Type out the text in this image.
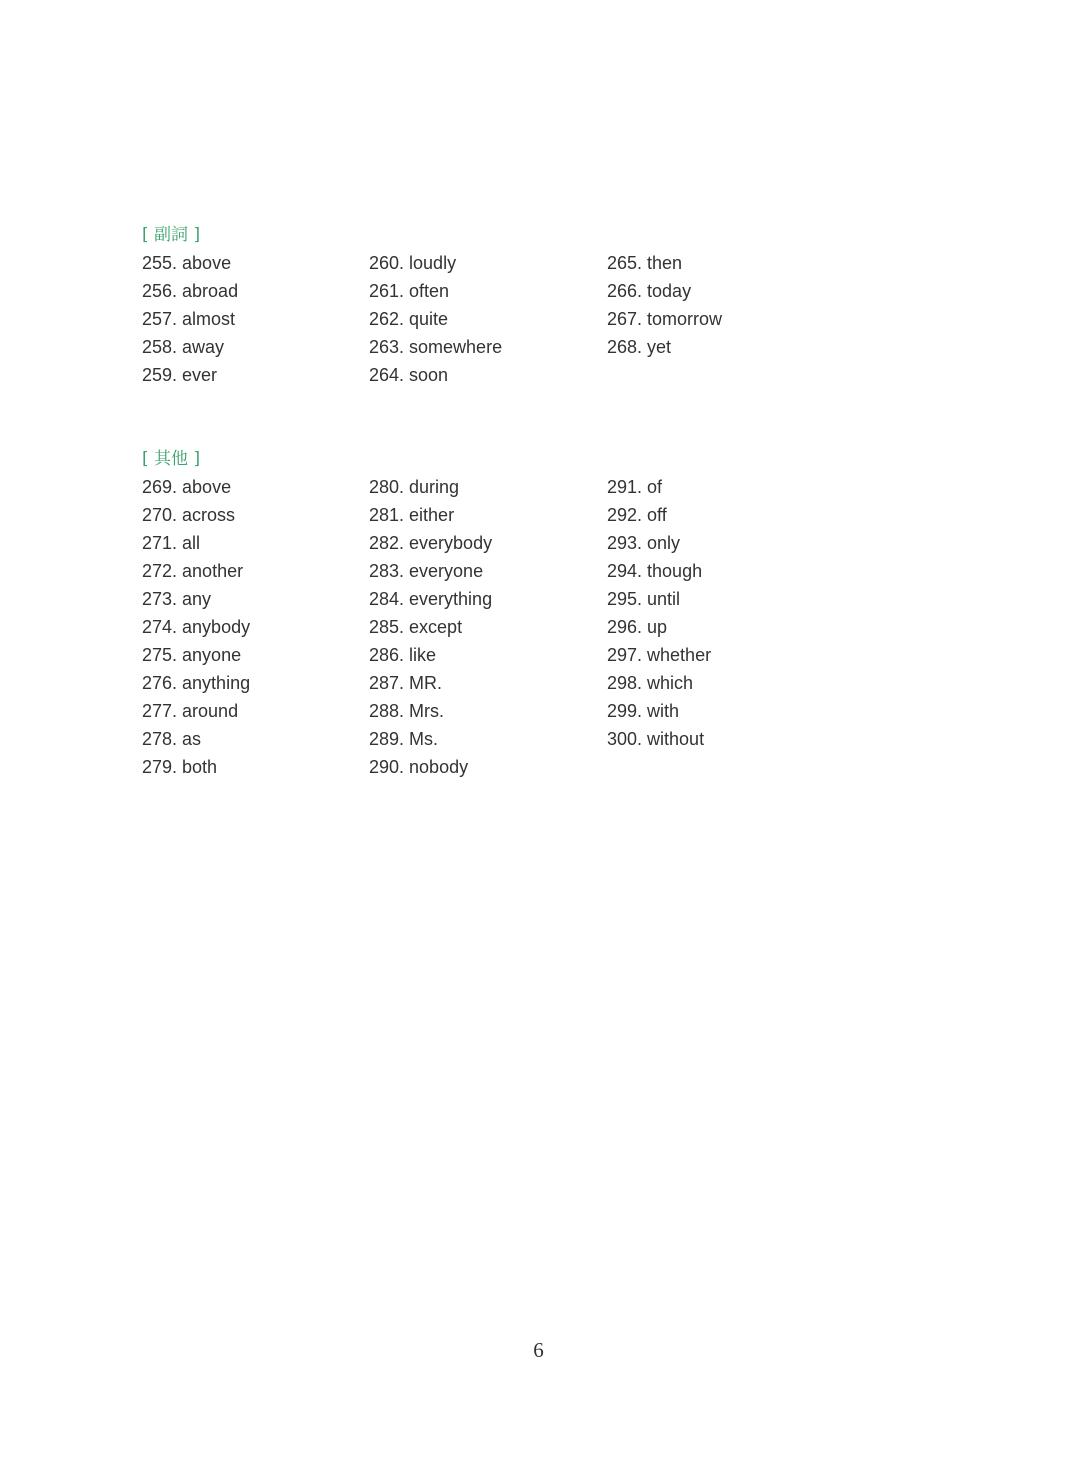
[ 副詞 ]
255. above
256. abroad
257. almost
258. away
259. ever
260. loudly
261. often
262. quite
263. somewhere
264. soon
265. then
266. today
267. tomorrow
268. yet
[ 其他 ]
269. above
270. across
271. all
272. another
273. any
274. anybody
275. anyone
276. anything
277. around
278. as
279. both
280. during
281. either
282. everybody
283. everyone
284. everything
285. except
286. like
287. MR.
288. Mrs.
289. Ms.
290. nobody
291. of
292. off
293. only
294. though
295. until
296. up
297. whether
298. which
299. with
300. without
6
